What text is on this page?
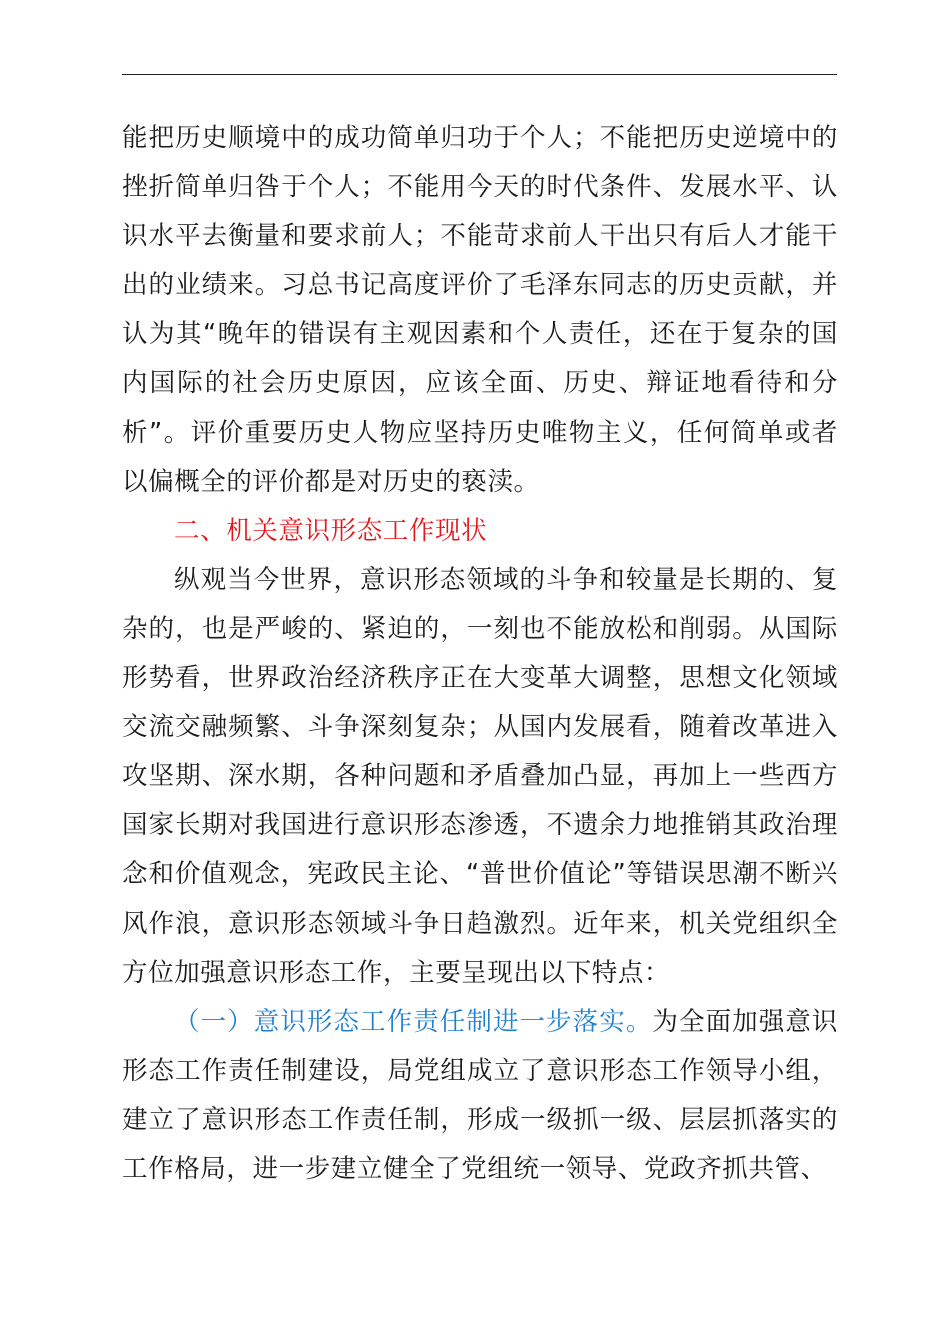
能把历史顺境中的成功简单归功于个人；不能把历史逆境中的挫折简单归咎于个人；不能用今天的时代条件、发展水平、认识水平去衡量和要求前人；不能苛求前人干出只有后人才能干出的业绩来。习总书记高度评价了毛泽东同志的历史贡献，并认为其“晚年的错误有主观因素和个人责任，还在于复杂的国内国际的社会历史原因，应该全面、历史、辩证地看待和分析”。评价重要历史人物应坚持历史唯物主义，任何简单或者以偏概全的评价都是对历史的亵渎。

二、机关意识形态工作现状

纵观当今世界，意识形态领域的斗争和较量是长期的、复杂的，也是严峻的、紧迫的，一刻也不能放松和削弱。从国际形势看，世界政治经济秩序正在大变革大调整，思想文化领域交流交融频繁、斗争深刻复杂；从国内发展看，随着改革进入攻坚期、深水期，各种问题和矛盾叠加凸显，再加上一些西方国家长期对我国进行意识形态渗透，不遗余力地推销其政治理念和价值观念，宪政民主论、“普世价值论”等错误思潮不断兴风作浪，意识形态领域斗争日趋激烈。近年来，机关党组织全方位加强意识形态工作，主要呈现出以下特点：

（一）意识形态工作责任制进一步落实。为全面加强意识形态工作责任制建设，局党组成立了意识形态工作领导小组，建立了意识形态工作责任制，形成一级抓一级、层层抓落实的工作格局，进一步建立健全了党组统一领导、党政齐抓共管、
